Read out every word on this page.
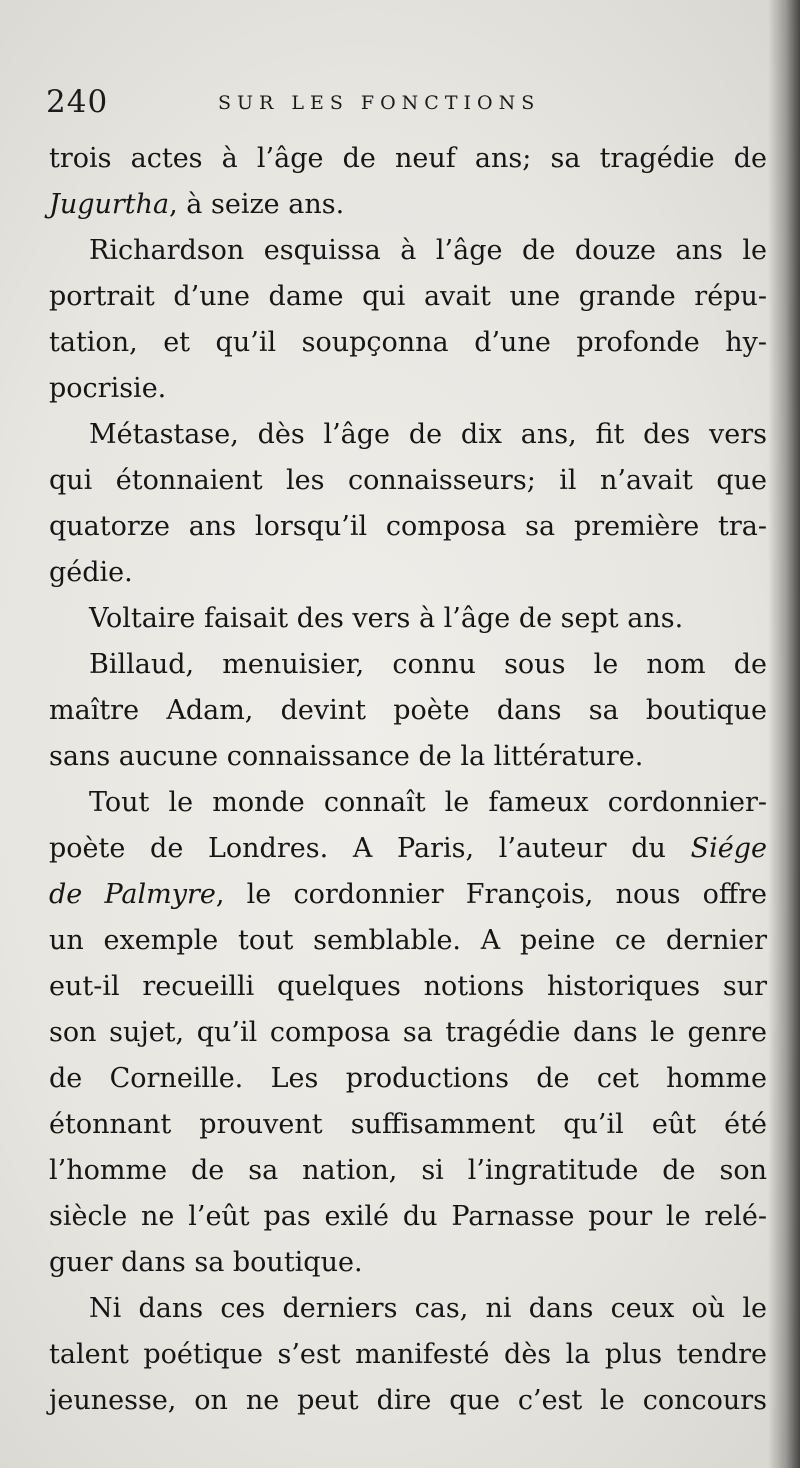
240	SUR LES FONCTIONS
trois actes à l’âge de neuf ans; sa tragédie de
Jugurtha, à seize ans.
Richardson esquissa à l’âge de douze ans le
portrait d’une dame qui avait une grande répu-
tation, et qu’il soupçonna d’une profonde hy-
pocrisie.
Métastase, dès l’âge de dix ans, fit des vers
qui étonnaient les connaisseurs; il n’avait que
quatorze ans lorsqu’il composa sa première tra-
gédie.
Voltaire faisait des vers à l’âge de sept ans.
Billaud, menuisier, connu sous le nom de
maître Adam, devint poète dans sa boutique
sans aucune connaissance de la littérature.
Tout le monde connaît le fameux cordonnier-
poète de Londres. A Paris, l’auteur du Siége
de Palmyre, le cordonnier François, nous offre
un exemple tout semblable. A peine ce dernier
eut-il recueilli quelques notions historiques sur
son sujet, qu’il composa sa tragédie dans le genre
de Corneille. Les productions de cet homme
étonnant prouvent suffisamment qu’il eût été
l’homme de sa nation, si l’ingratitude de son
siècle ne l’eût pas exilé du Parnasse pour le relé-
guer dans sa boutique.
Ni dans ces derniers cas, ni dans ceux où le
talent poétique s’est manifesté dès la plus tendre
jeunesse, on ne peut dire que c’est le concours
